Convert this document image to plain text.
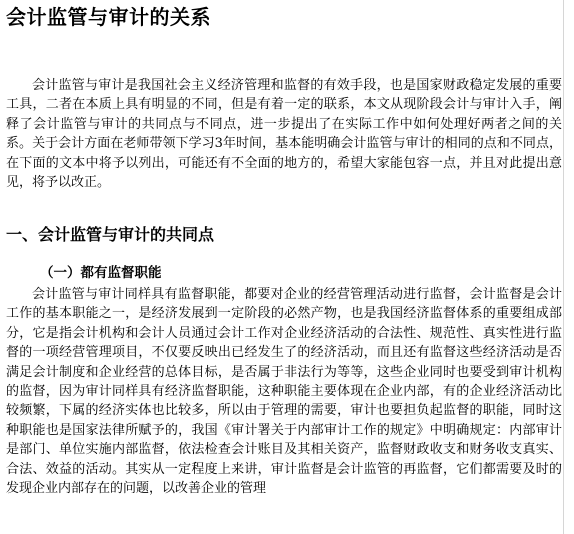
会计监管与审计的关系

会计监管与审计是我国社会主义经济管理和监督的有效手段，也是国家财政稳定发展的重要工具，二者在本质上具有明显的不同，但是有着一定的联系，本文从现阶段会计与审计入手，阐释了会计监管与审计的共同点与不同点，进一步提出了在实际工作中如何处理好两者之间的关系。关于会计方面在老师带领下学习3年时间，基本能明确会计监管与审计的相同的点和不同点，在下面的文本中将予以列出，可能还有不全面的地方的，希望大家能包容一点，并且对此提出意见，将予以改正。

一、会计监管与审计的共同点
（一）都有监督职能

会计监管与审计同样具有监督职能，都要对企业的经营管理活动进行监督，会计监督是会计工作的基本职能之一，是经济发展到一定阶段的必然产物，也是我国经济监督体系的重要组成部分，它是指会计机构和会计人员通过会计工作对企业经济活动的合法性、规范性、真实性进行监督的一项经营管理项目，不仅要反映出已经发生了的经济活动，而且还有监督这些经济活动是否满足会计制度和企业经营的总体目标，是否属于非法行为等等，这些企业同时也要受到审计机构的监督，因为审计同样具有经济监督职能，这种职能主要体现在企业内部，有的企业经济活动比较频繁，下属的经济实体也比较多，所以由于管理的需要，审计也要担负起监督的职能，同时这种职能也是国家法律所赋予的，我国《审计署关于内部审计工作的规定》中明确规定：内部审计是部门、单位实施内部监督，依法检查会计账目及其相关资产，监督财政收支和财务收支真实、合法、效益的活动。其实从一定程度上来讲，审计监督是会计监管的再监督，它们都需要及时的发现企业内部存在的问题，以改善企业的管理
